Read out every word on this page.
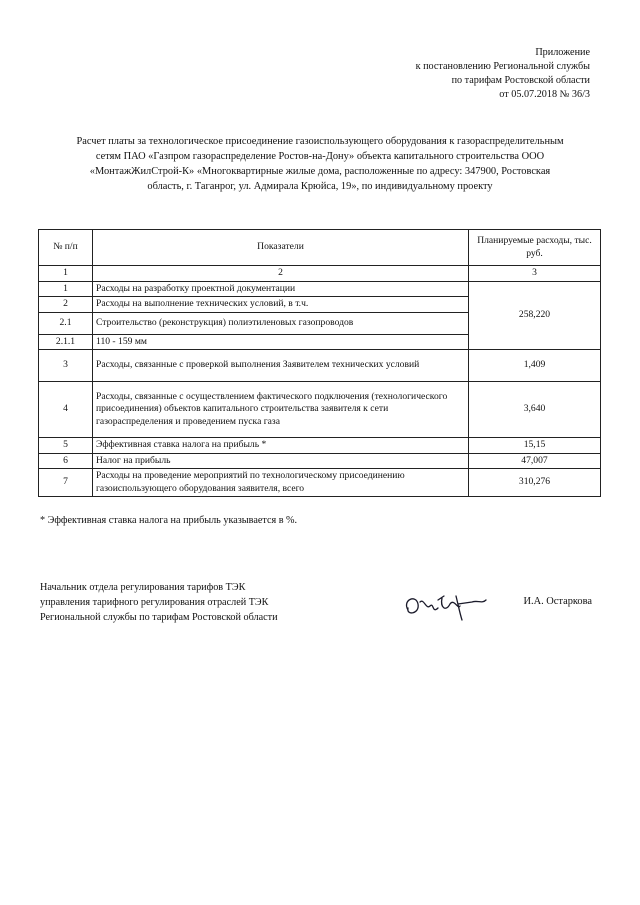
Приложение
к постановлению Региональной службы
по тарифам Ростовской области
от 05.07.2018 № 36/3
Расчет платы за технологическое присоединение газоиспользующего оборудования к газораспределительным
сетям ПАО «Газпром газораспределение Ростов-на-Дону» объекта капитального строительства ООО
«МонтажЖилСтрой-К» «Многоквартирные жилые дома, расположенные по адресу: 347900, Ростовская
область, г. Таганрог, ул. Адмирала Крюйса, 19», по индивидуальному проекту
№ п/п	Показатели	Планируемые расходы, тыс. руб.
1	2	3
1	Расходы на разработку проектной документации	258,220
2	Расходы на выполнение технических условий, в т.ч.	
2.1	Строительство (реконструкция) полиэтиленовых газопроводов	
2.1.1	110 - 159 мм	
3	Расходы, связанные с проверкой выполнения Заявителем технических условий	1,409
4	Расходы, связанные с осуществлением фактического подключения (технологического присоединения) объектов капитального строительства заявителя к сети газораспределения и проведением пуска газа	3,640
5	Эффективная ставка налога на прибыль *	15,15
6	Налог на прибыль	47,007
7	Расходы на проведение мероприятий по технологическому присоединению газоиспользующего оборудования заявителя, всего	310,276
* Эффективная ставка налога на прибыль указывается в %.
Начальник отдела регулирования тарифов ТЭК
управления тарифного регулирования отраслей ТЭК
Региональной службы по тарифам Ростовской области
И.А. Остаркова
